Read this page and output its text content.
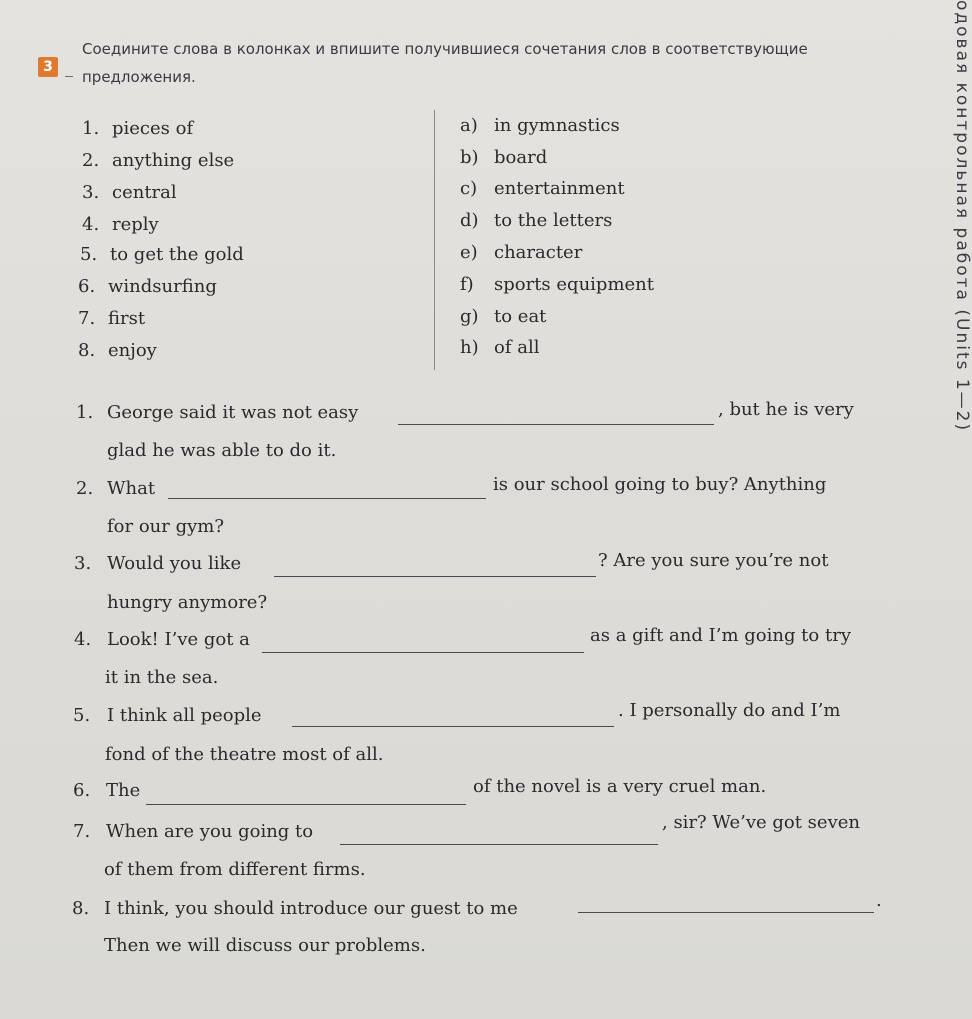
одовая контрольная работа (Units 1—2)
3
Соедините слова в колонках и впишите получившиеся сочетания слов в соответствующие
предложения.
1. pieces of
2. anything else
3. central
4. reply
5. to get the gold
6. windsurfing
7. first
8. enjoy
a) in gymnastics
b) board
c) entertainment
d) to the letters
e) character
f) sports equipment
g) to eat
h) of all
1. George said it was not easy	, but he is very
glad he was able to do it.
2. What	is our school going to buy? Anything
for our gym?
3. Would you like	? Are you sure you’re not
hungry anymore?
4. Look! I’ve got a	as a gift and I’m going to try
it in the sea.
5. I think all people	. I personally do and I’m
fond of the theatre most of all.
6. The	of the novel is a very cruel man.
7. When are you going to	, sir? We’ve got seven
of them from different firms.
8. I think, you should introduce our guest to me	.
Then we will discuss our problems.
